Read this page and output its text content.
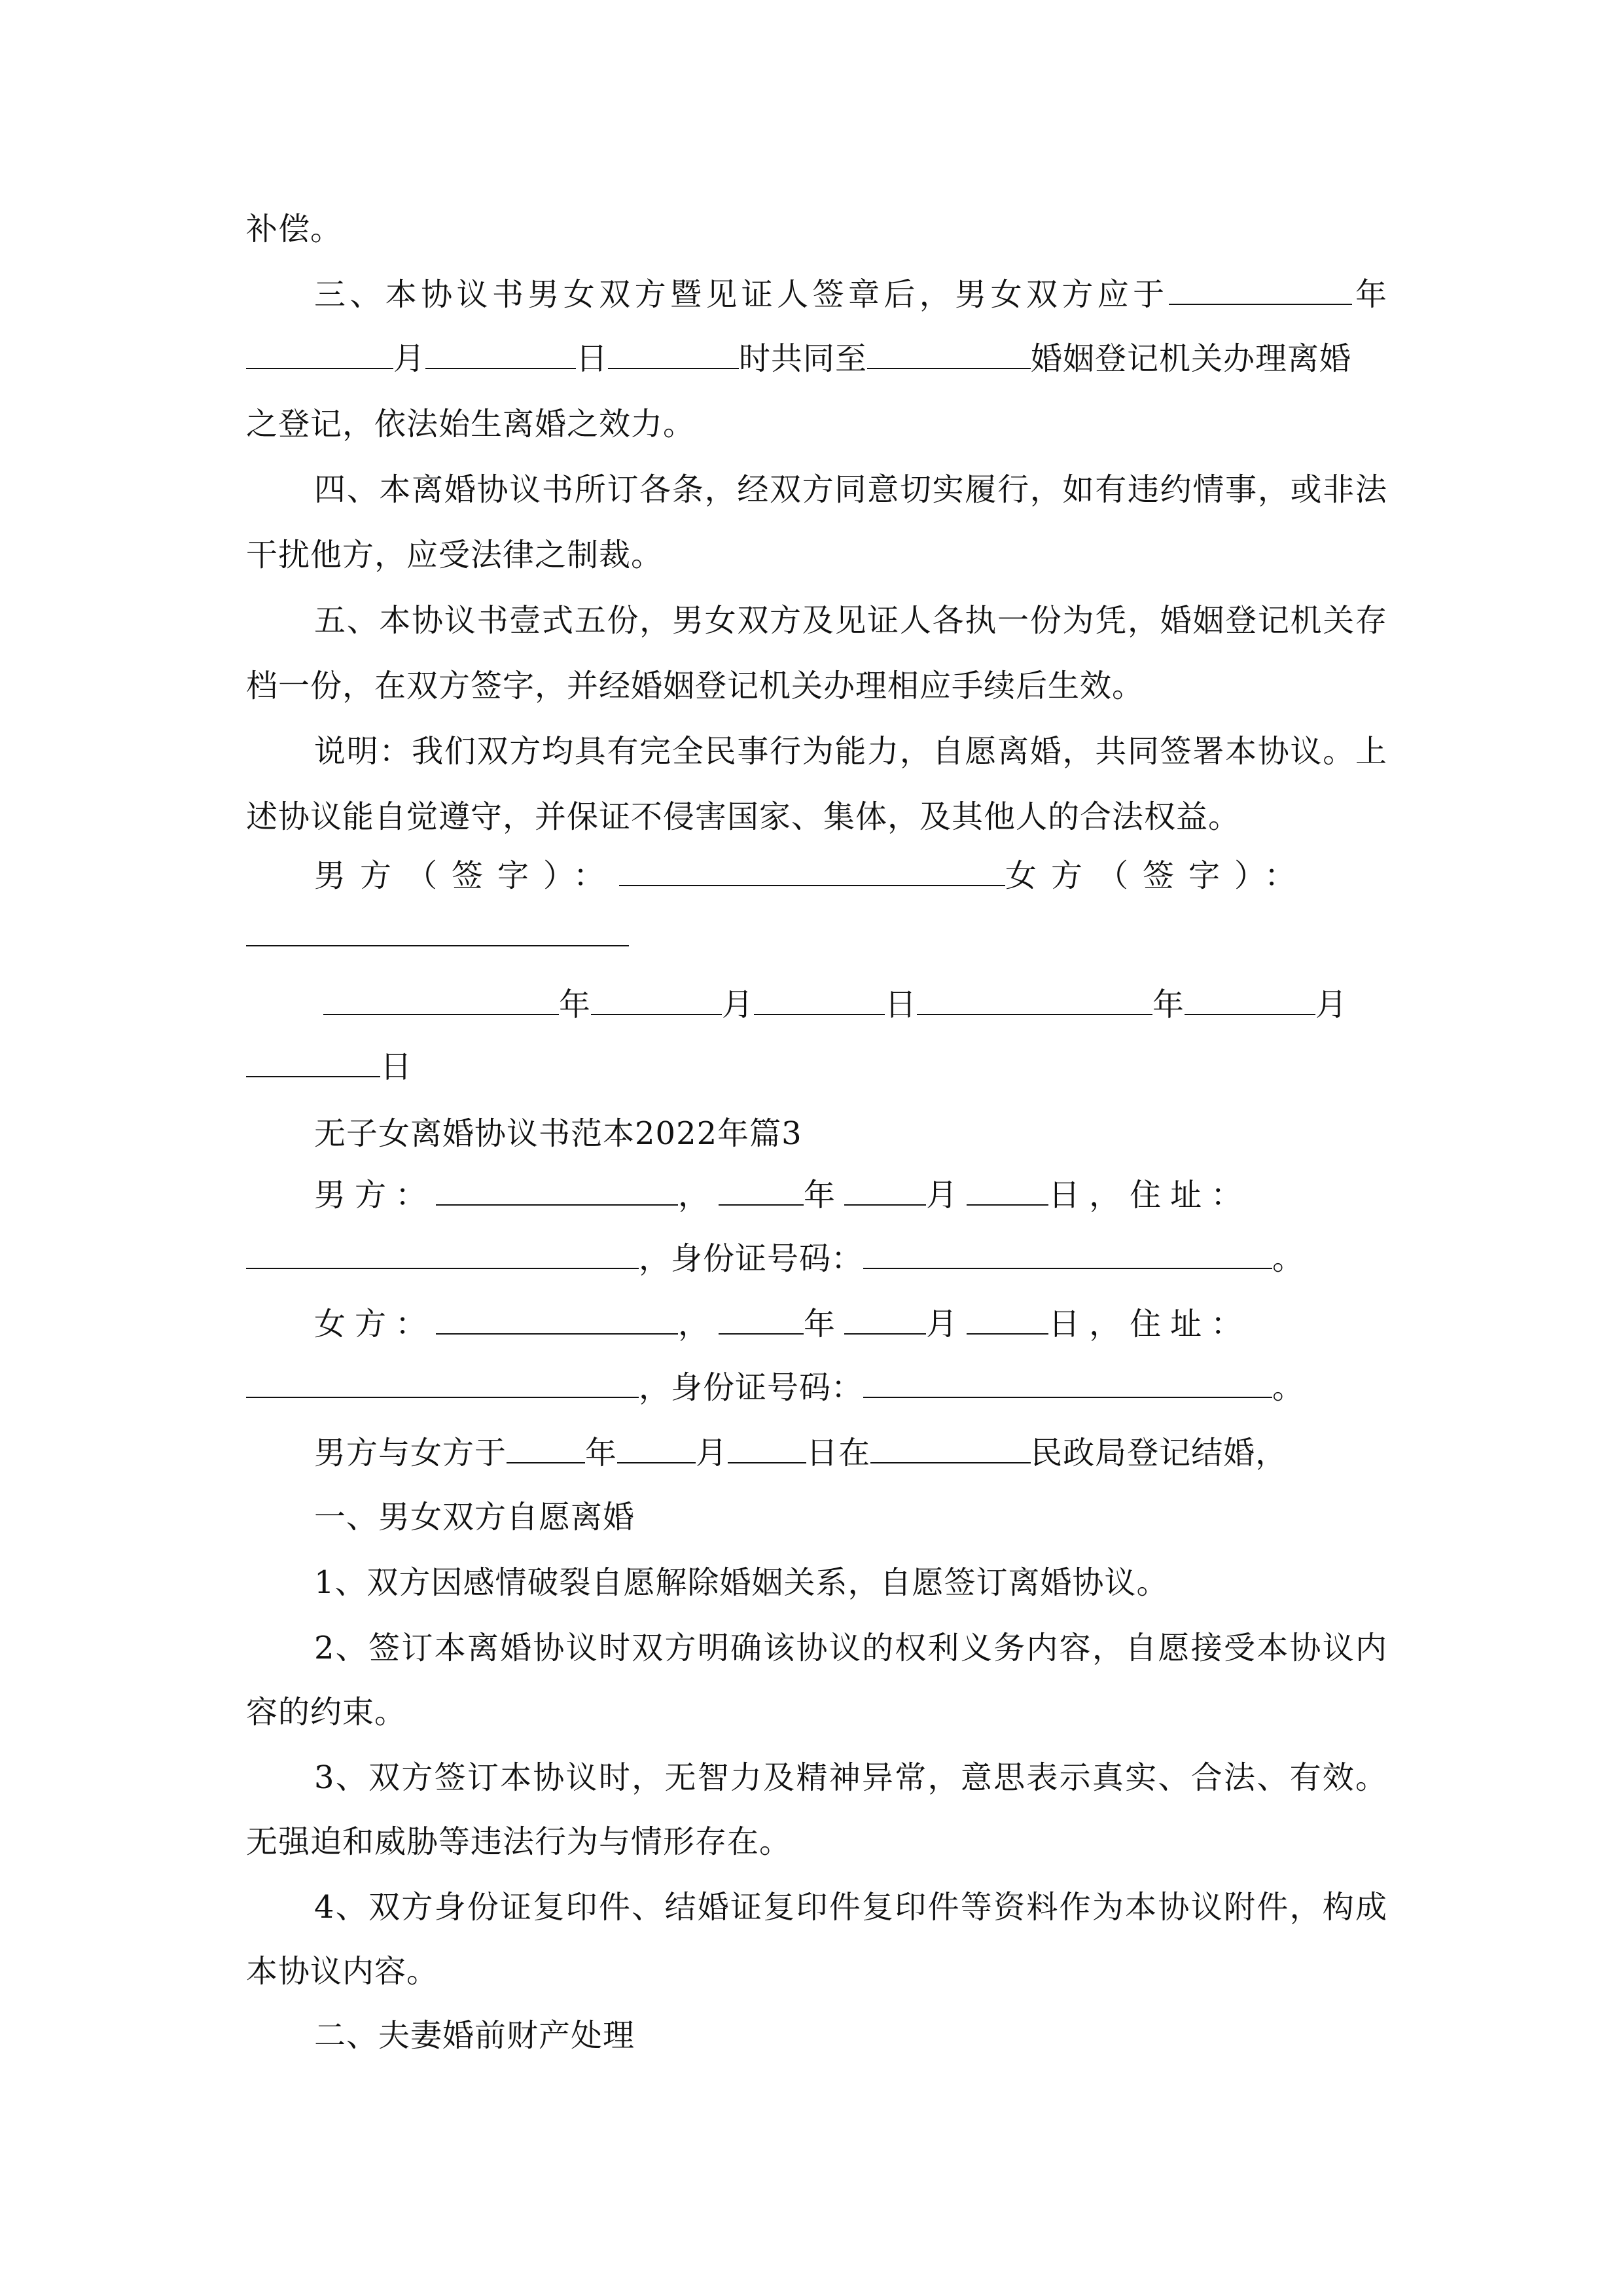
补偿。
三、本协议书男女双方暨见证人签章后，男女双方应于	年
月	日	时共同至	婚姻登记机关办理离婚
之登记，依法始生离婚之效力。
四、本离婚协议书所订各条，经双方同意切实履行，如有违约情事，或非法
干扰他方，应受法律之制裁。
五、本协议书壹式五份，男女双方及见证人各执一份为凭，婚姻登记机关存
档一份，在双方签字，并经婚姻登记机关办理相应手续后生效。
说明：我们双方均具有完全民事行为能力，自愿离婚，共同签署本协议。上
述协议能自觉遵守，并保证不侵害国家、集体，及其他人的合法权益。
男方（签字）：	女方（签字）：
年	月	日	年	月
日
无子女离婚协议书范本2022年篇3
男方：	，	年	月	日，住址：
，身份证号码：	。
女方：	，	年	月	日，住址：
，身份证号码：	。
男方与女方于	年	月	日在	民政局登记结婚，
一、男女双方自愿离婚
1、双方因感情破裂自愿解除婚姻关系，自愿签订离婚协议。
2、签订本离婚协议时双方明确该协议的权利义务内容，自愿接受本协议内
容的约束。
3、双方签订本协议时，无智力及精神异常，意思表示真实、合法、有效。
无强迫和威胁等违法行为与情形存在。
4、双方身份证复印件、结婚证复印件复印件等资料作为本协议附件，构成
本协议内容。
二、夫妻婚前财产处理
